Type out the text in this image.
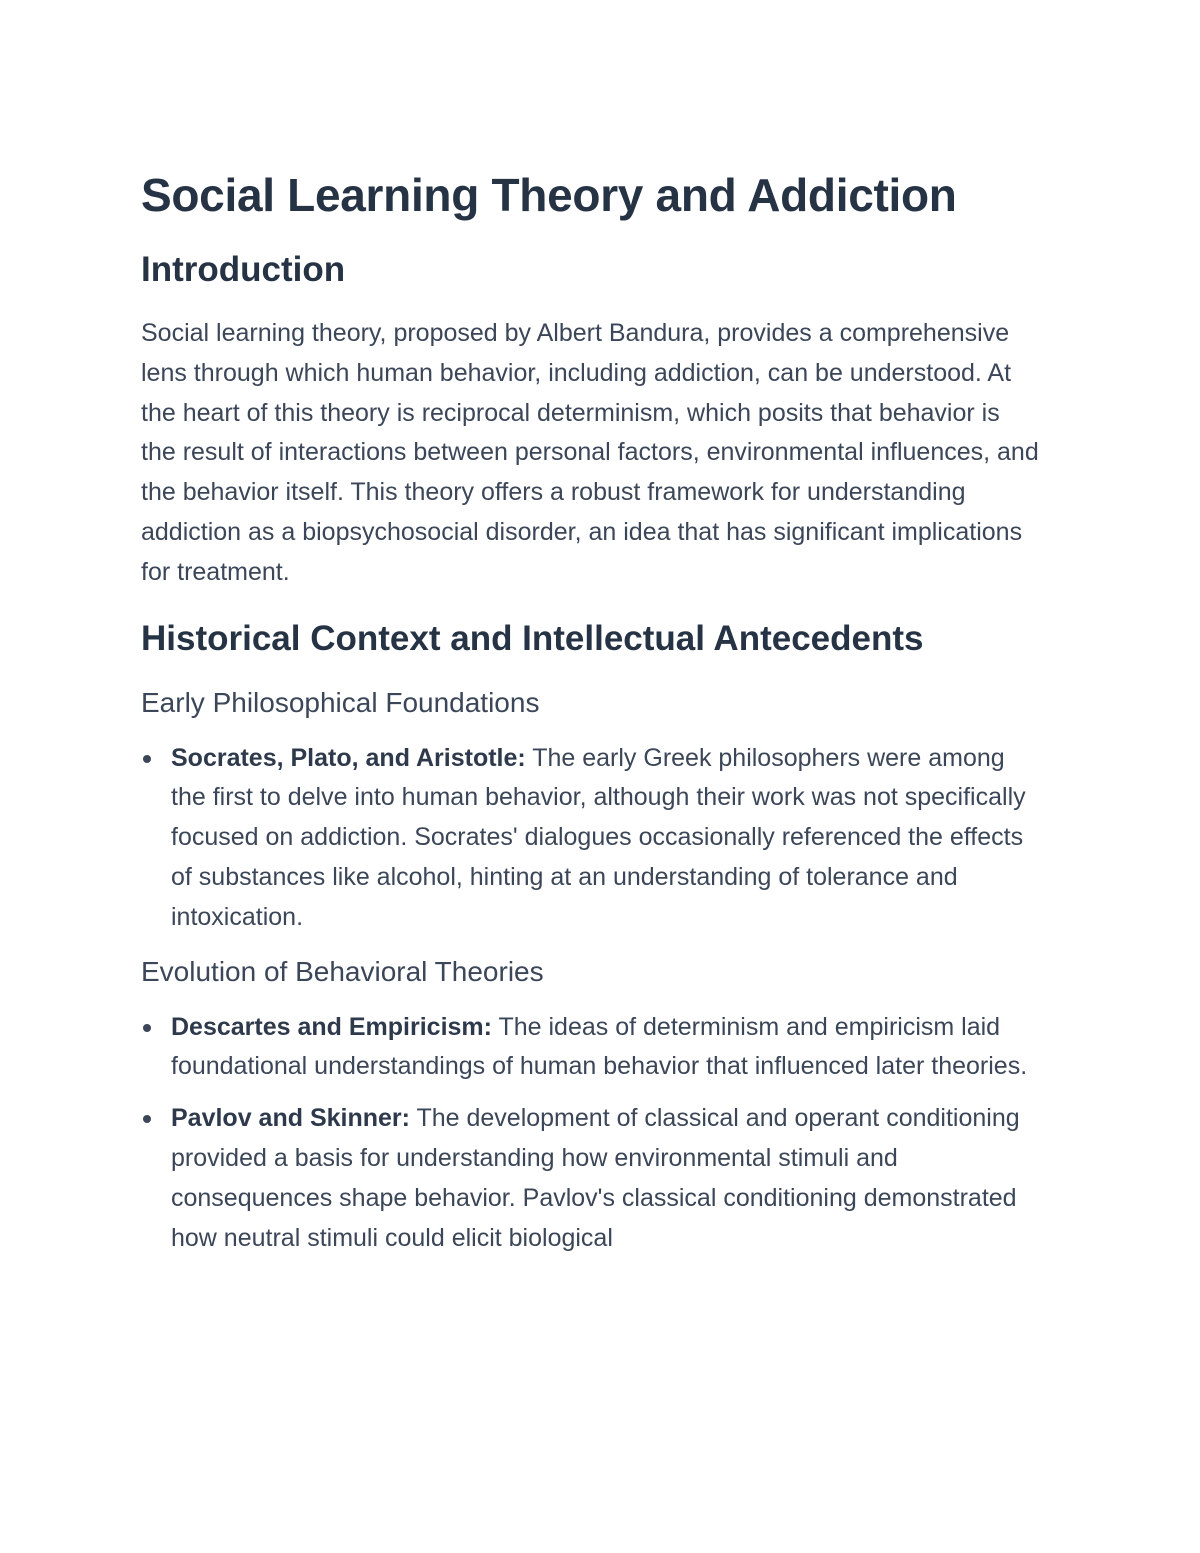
Social Learning Theory and Addiction
Introduction

Social learning theory, proposed by Albert Bandura, provides a comprehensive lens through which human behavior, including addiction, can be understood. At the heart of this theory is reciprocal determinism, which posits that behavior is the result of interactions between personal factors, environmental influences, and the behavior itself. This theory offers a robust framework for understanding addiction as a biopsychosocial disorder, an idea that has significant implications for treatment.

Historical Context and Intellectual Antecedents
Early Philosophical Foundations
Socrates, Plato, and Aristotle: The early Greek philosophers were among the first to delve into human behavior, although their work was not specifically focused on addiction. Socrates' dialogues occasionally referenced the effects of substances like alcohol, hinting at an understanding of tolerance and intoxication.
Evolution of Behavioral Theories
Descartes and Empiricism: The ideas of determinism and empiricism laid foundational understandings of human behavior that influenced later theories.
Pavlov and Skinner: The development of classical and operant conditioning provided a basis for understanding how environmental stimuli and consequences shape behavior. Pavlov's classical conditioning demonstrated how neutral stimuli could elicit biological
